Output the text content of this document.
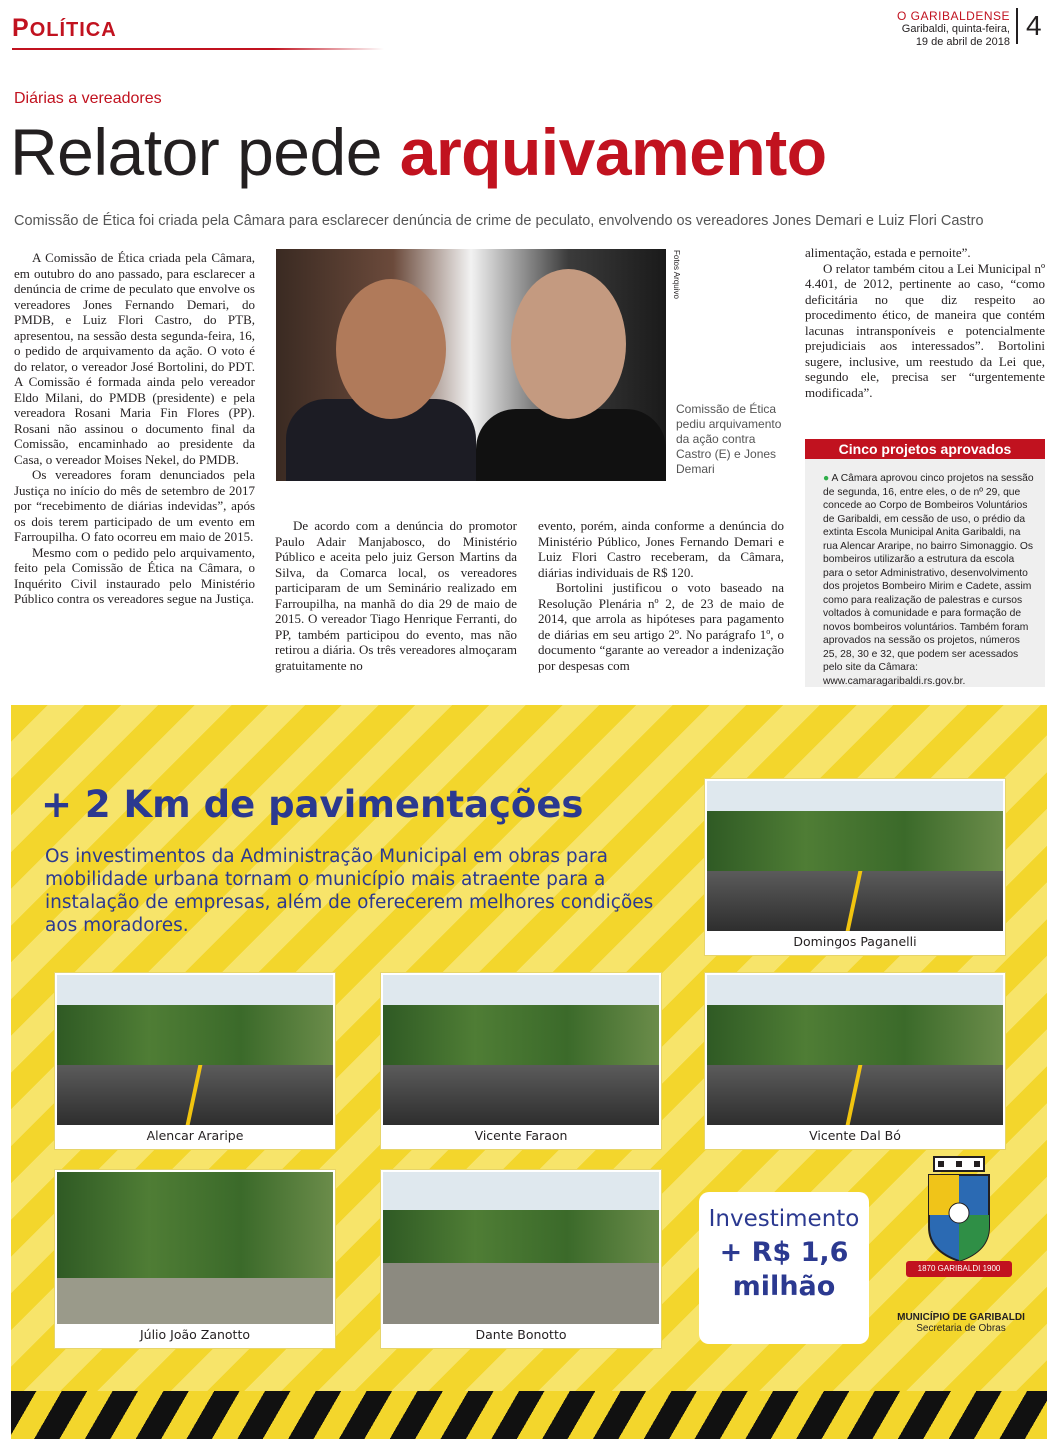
POLÍTICA
O GARIBALDENSE
Garibaldi, quinta-feira,
19 de abril de 2018
4
Diárias a vereadores
Relator pede arquivamento
Comissão de Ética foi criada pela Câmara para esclarecer denúncia de crime de peculato, envolvendo os vereadores Jones Demari e Luiz Flori Castro

A Comissão de Ética criada pela Câmara, em outubro do ano passado, para esclarecer a denúncia de crime de peculato que envolve os vereadores Jones Fernando Demari, do PMDB, e Luiz Flori Castro, do PTB, apresentou, na sessão desta segunda-feira, 16, o pedido de arquivamento da ação. O voto é do relator, o vereador José Bortolini, do PDT. A Comissão é formada ainda pelo vereador Eldo Milani, do PMDB (presidente) e pela vereadora Rosani Maria Fin Flores (PP). Rosani não assinou o documento final da Comissão, encaminhado ao presidente da Casa, o vereador Moises Nekel, do PMDB.

Os vereadores foram denunciados pela Justiça no início do mês de setembro de 2017 por “recebimento de diárias indevidas”, após os dois terem participado de um evento em Farroupilha. O fato ocorreu em maio de 2015.

Mesmo com o pedido pelo arquivamento, feito pela Comissão de Ética na Câmara, o Inquérito Civil instaurado pelo Ministério Público contra os vereadores segue na Justiça.

Fotos Arquivo
Comissão de Ética pediu arquivamento da ação contra Castro (E) e Jones Demari

De acordo com a denúncia do promotor Paulo Adair Manjabosco, do Ministério Público e aceita pelo juiz Gerson Martins da Silva, da Comarca local, os vereadores participaram de um Seminário realizado em Farroupilha, na manhã do dia 29 de maio de 2015. O vereador Tiago Henrique Ferranti, do PP, também participou do evento, mas não retirou a diária. Os três vereadores almoçaram gratuitamente no

evento, porém, ainda conforme a denúncia do Ministério Público, Jones Fernando Demari e Luiz Flori Castro receberam, da Câmara, diárias individuais de R$ 120.

Bortolini justificou o voto baseado na Resolução Plenária nº 2, de 23 de maio de 2014, que arrola as hipóteses para pagamento de diárias em seu artigo 2º. No parágrafo 1º, o documento “garante ao vereador a indenização por despesas com

alimentação, estada e pernoite”.

O relator também citou a Lei Municipal nº 4.401, de 2012, pertinente ao caso, “como deficitária no que diz respeito ao procedimento ético, de maneira que contém lacunas intransponíveis e potencialmente prejudiciais aos interessados”. Bortolini sugere, inclusive, um reestudo da Lei que, segundo ele, precisa ser “urgentemente modificada”.

Cinco projetos aprovados
● A Câmara aprovou cinco projetos na sessão de segunda, 16, entre eles, o de nº 29, que concede ao Corpo de Bombeiros Voluntários de Garibaldi, em cessão de uso, o prédio da extinta Escola Municipal Anita Garibaldi, na rua Alencar Araripe, no bairro Simonaggio. Os bombeiros utilizarão a estrutura da escola para o setor Administrativo, desenvolvimento dos projetos Bombeiro Mirim e Cadete, assim como para realização de palestras e cursos voltados à comunidade e para formação de novos bombeiros voluntários. Também foram aprovados na sessão os projetos, números 25, 28, 30 e 32, que podem ser acessados pelo site da Câmara: www.camaragaribaldi.rs.gov.br.
+ 2 Km de pavimentações
Os investimentos da Administração Municipal em obras para mobilidade urbana tornam o município mais atraente para a instalação de empresas, além de oferecerem melhores condições aos moradores.
Domingos Paganelli
Alencar Araripe	Vicente Faraon	Vicente Dal Bó
Júlio João Zanotto	Dante Bonotto
Investimento
+ R$ 1,6 milhão
1870 GARIBALDI 1900
MUNICÍPIO DE GARIBALDI
Secretaria de Obras
